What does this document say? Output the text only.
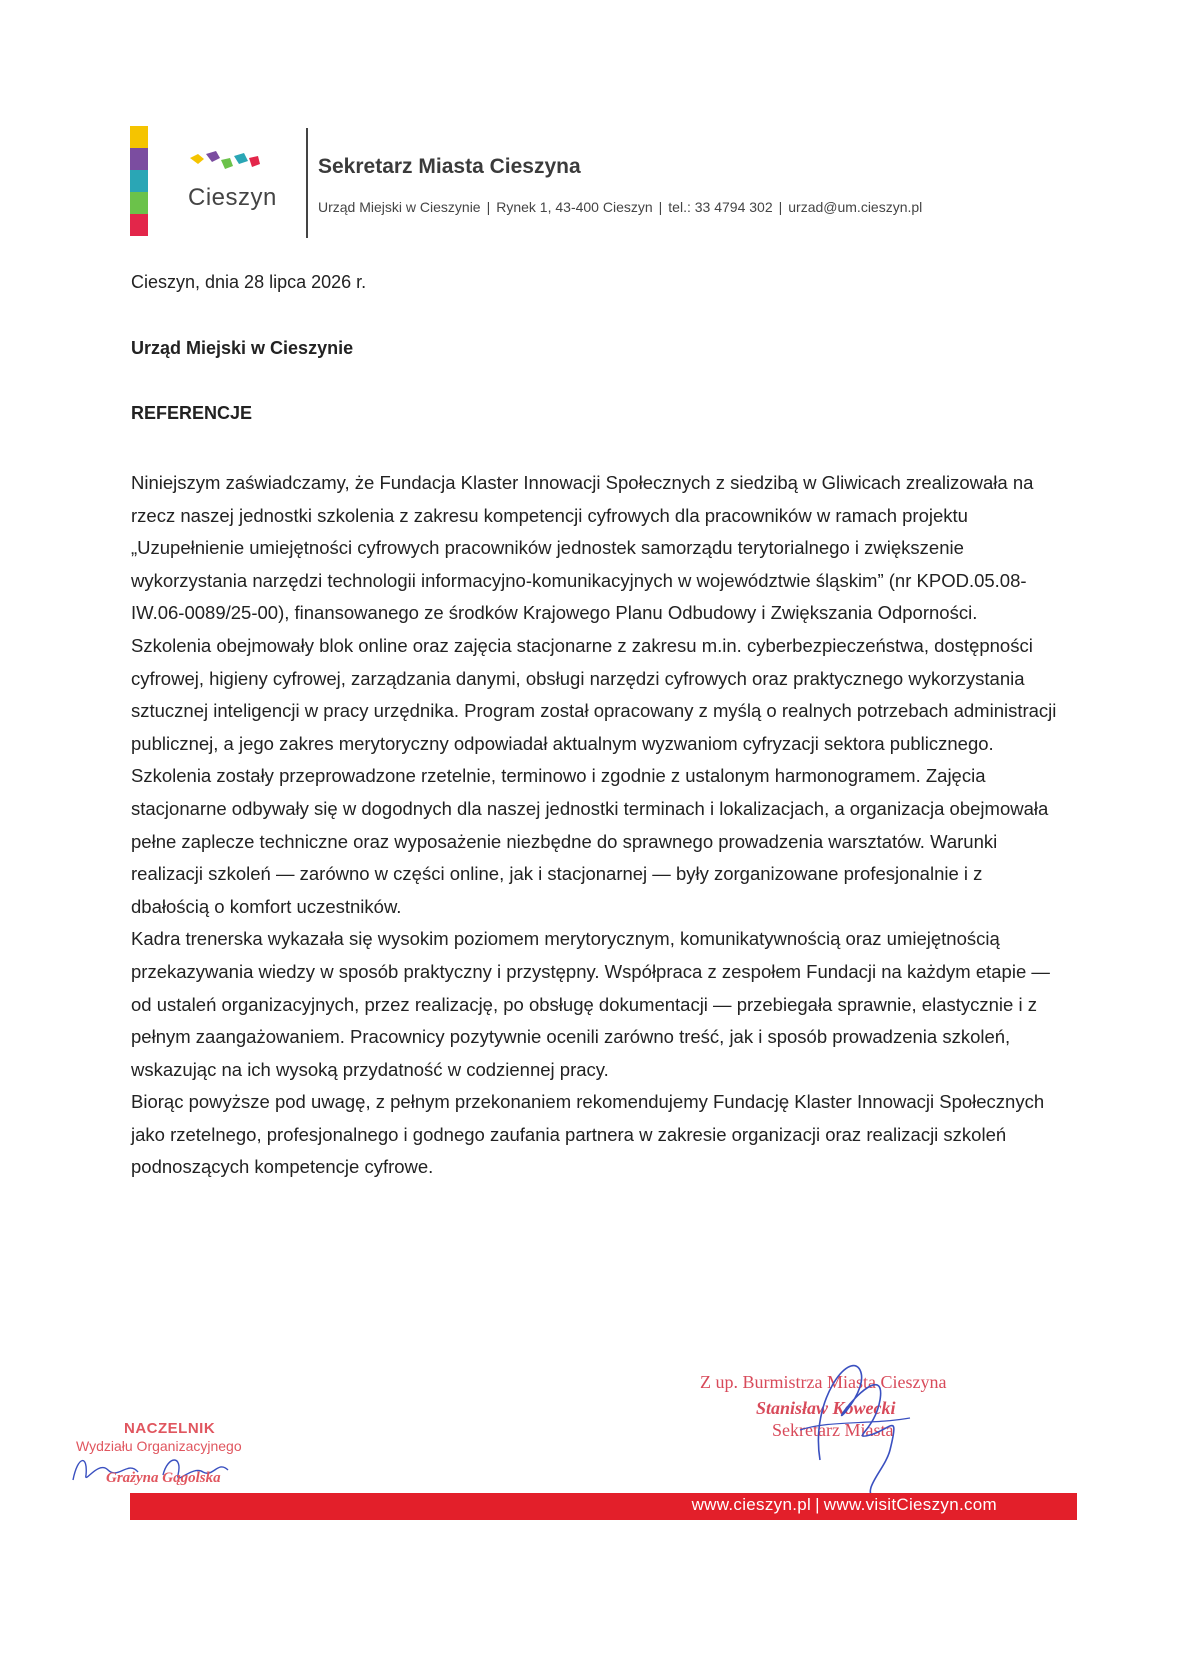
Cieszyn
Sekretarz Miasta Cieszyna
Urząd Miejski w Cieszynie | Rynek 1, 43-400 Cieszyn | tel.: 33 4794 302 | urzad@um.cieszyn.pl
Cieszyn, dnia 28 lipca 2026 r.
Urząd Miejski w Cieszynie
REFERENCJE

Niniejszym zaświadczamy, że Fundacja Klaster Innowacji Społecznych z siedzibą w Gliwicach zrealizowała na rzecz naszej jednostki szkolenia z zakresu kompetencji cyfrowych dla pracowników w ramach projektu „Uzupełnienie umiejętności cyfrowych pracowników jednostek samorządu terytorialnego i zwiększenie wykorzystania narzędzi technologii informacyjno-komunikacyjnych w województwie śląskim” (nr KPOD.05.08-IW.06-0089/25-00), finansowanego ze środków Krajowego Planu Odbudowy i Zwiększania Odporności.

Szkolenia obejmowały blok online oraz zajęcia stacjonarne z zakresu m.in. cyberbezpieczeństwa, dostępności cyfrowej, higieny cyfrowej, zarządzania danymi, obsługi narzędzi cyfrowych oraz praktycznego wykorzystania sztucznej inteligencji w pracy urzędnika. Program został opracowany z myślą o realnych potrzebach administracji publicznej, a jego zakres merytoryczny odpowiadał aktualnym wyzwaniom cyfryzacji sektora publicznego.

Szkolenia zostały przeprowadzone rzetelnie, terminowo i zgodnie z ustalonym harmonogramem. Zajęcia stacjonarne odbywały się w dogodnych dla naszej jednostki terminach i lokalizacjach, a organizacja obejmowała pełne zaplecze techniczne oraz wyposażenie niezbędne do sprawnego prowadzenia warsztatów. Warunki realizacji szkoleń — zarówno w części online, jak i stacjonarnej — były zorganizowane profesjonalnie i z dbałością o komfort uczestników.

Kadra trenerska wykazała się wysokim poziomem merytorycznym, komunikatywnością oraz umiejętnością przekazywania wiedzy w sposób praktyczny i przystępny. Współpraca z zespołem Fundacji na każdym etapie — od ustaleń organizacyjnych, przez realizację, po obsługę dokumentacji — przebiegała sprawnie, elastycznie i z pełnym zaangażowaniem. Pracownicy pozytywnie ocenili zarówno treść, jak i sposób prowadzenia szkoleń, wskazując na ich wysoką przydatność w codziennej pracy.

Biorąc powyższe pod uwagę, z pełnym przekonaniem rekomendujemy Fundację Klaster Innowacji Społecznych jako rzetelnego, profesjonalnego i godnego zaufania partnera w zakresie organizacji oraz realizacji szkoleń podnoszących kompetencje cyfrowe.

Z up. Burmistrza Miasta Cieszyna
Stanisław Kowecki
Sekretarz Miasta
NACZELNIK
Wydziału Organizacyjnego
Grażyna Gągolska
www.cieszyn.pl | www.visitCieszyn.com
